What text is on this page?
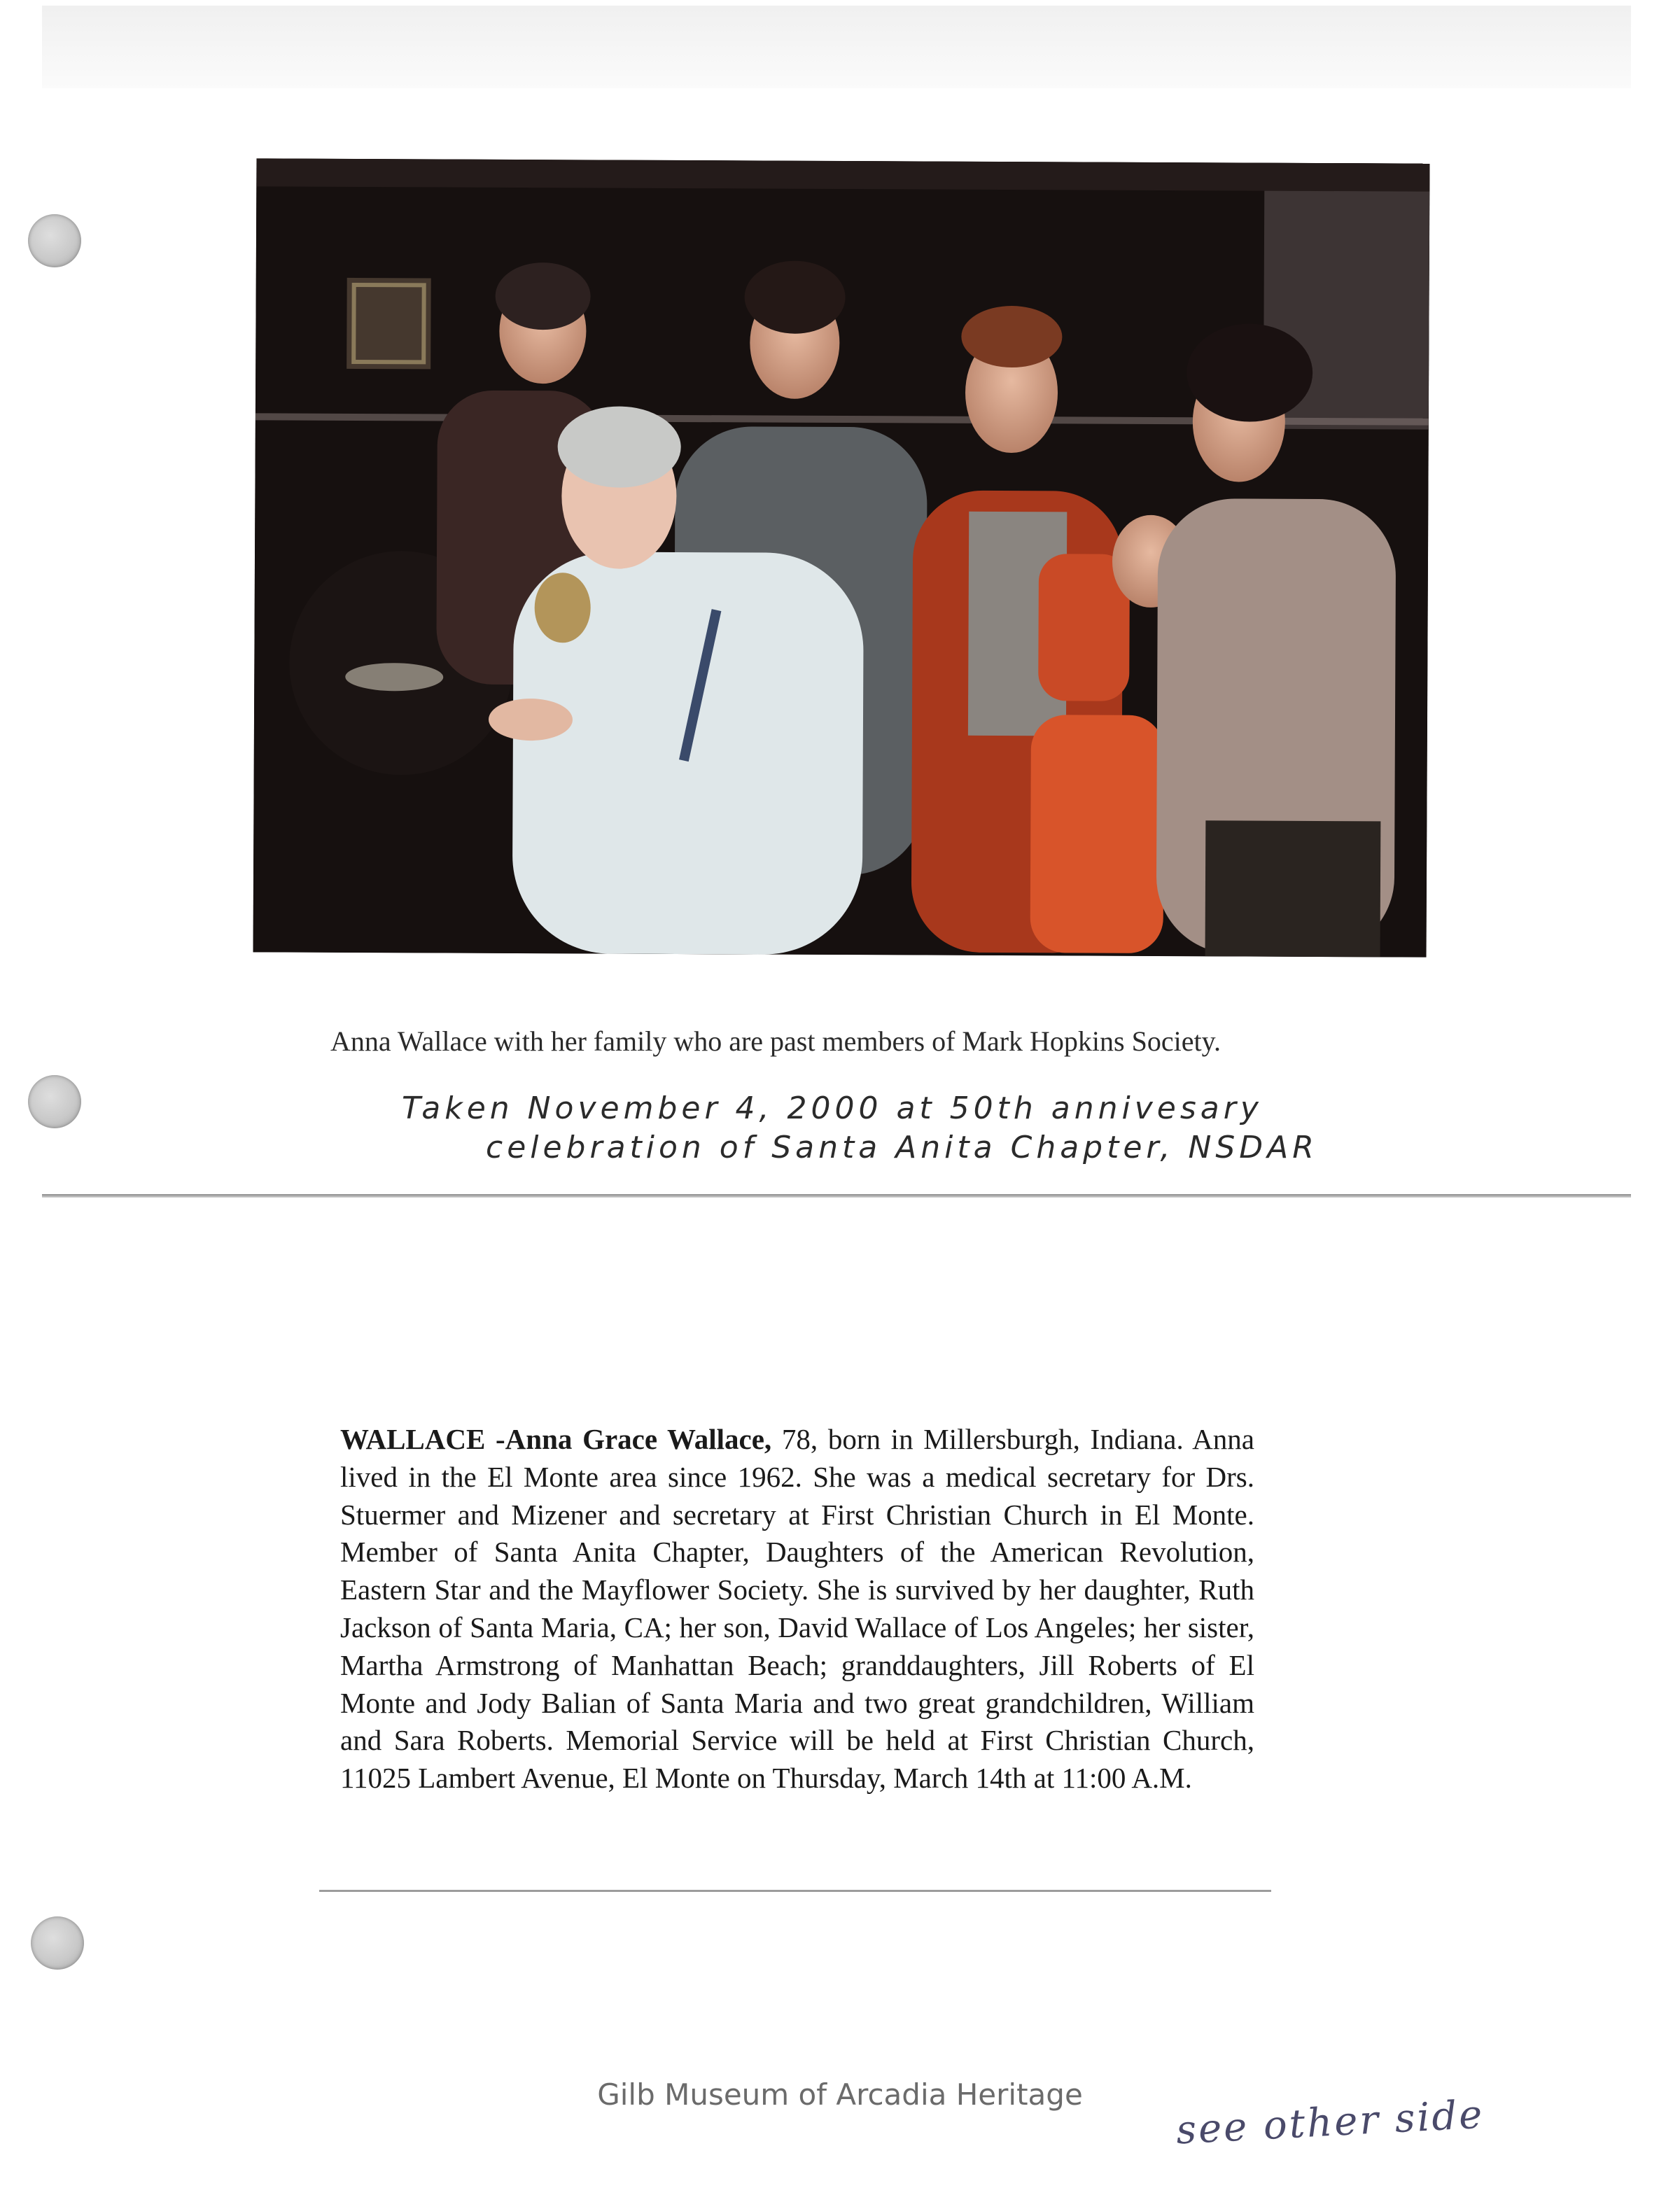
Anna Wallace with her family who are past members of Mark Hopkins Society.
Taken November 4, 2000 at 50th annivesary
celebration of Santa Anita Chapter, NSDAR
WALLACE -Anna Grace Wallace, 78, born in Millersburgh, Indiana. Anna lived in the El Monte area since 1962. She was a medical secretary for Drs. Stuermer and Mizener and secretary at First Christian Church in El Monte. Member of Santa Anita Chapter, Daughters of the American Revolution, Eastern Star and the Mayflower Society. She is survived by her daughter, Ruth Jackson of Santa Maria, CA; her son, David Wallace of Los Angeles; her sister, Martha Armstrong of Manhattan Beach; granddaughters, Jill Roberts of El Monte and Jody Balian of Santa Maria and two great grandchildren, William and Sara Roberts. Memorial Service will be held at First Christian Church, 11025 Lambert Avenue, El Monte on Thursday, March 14th at 11:00 A.M.
Gilb Museum of Arcadia Heritage	see other side
